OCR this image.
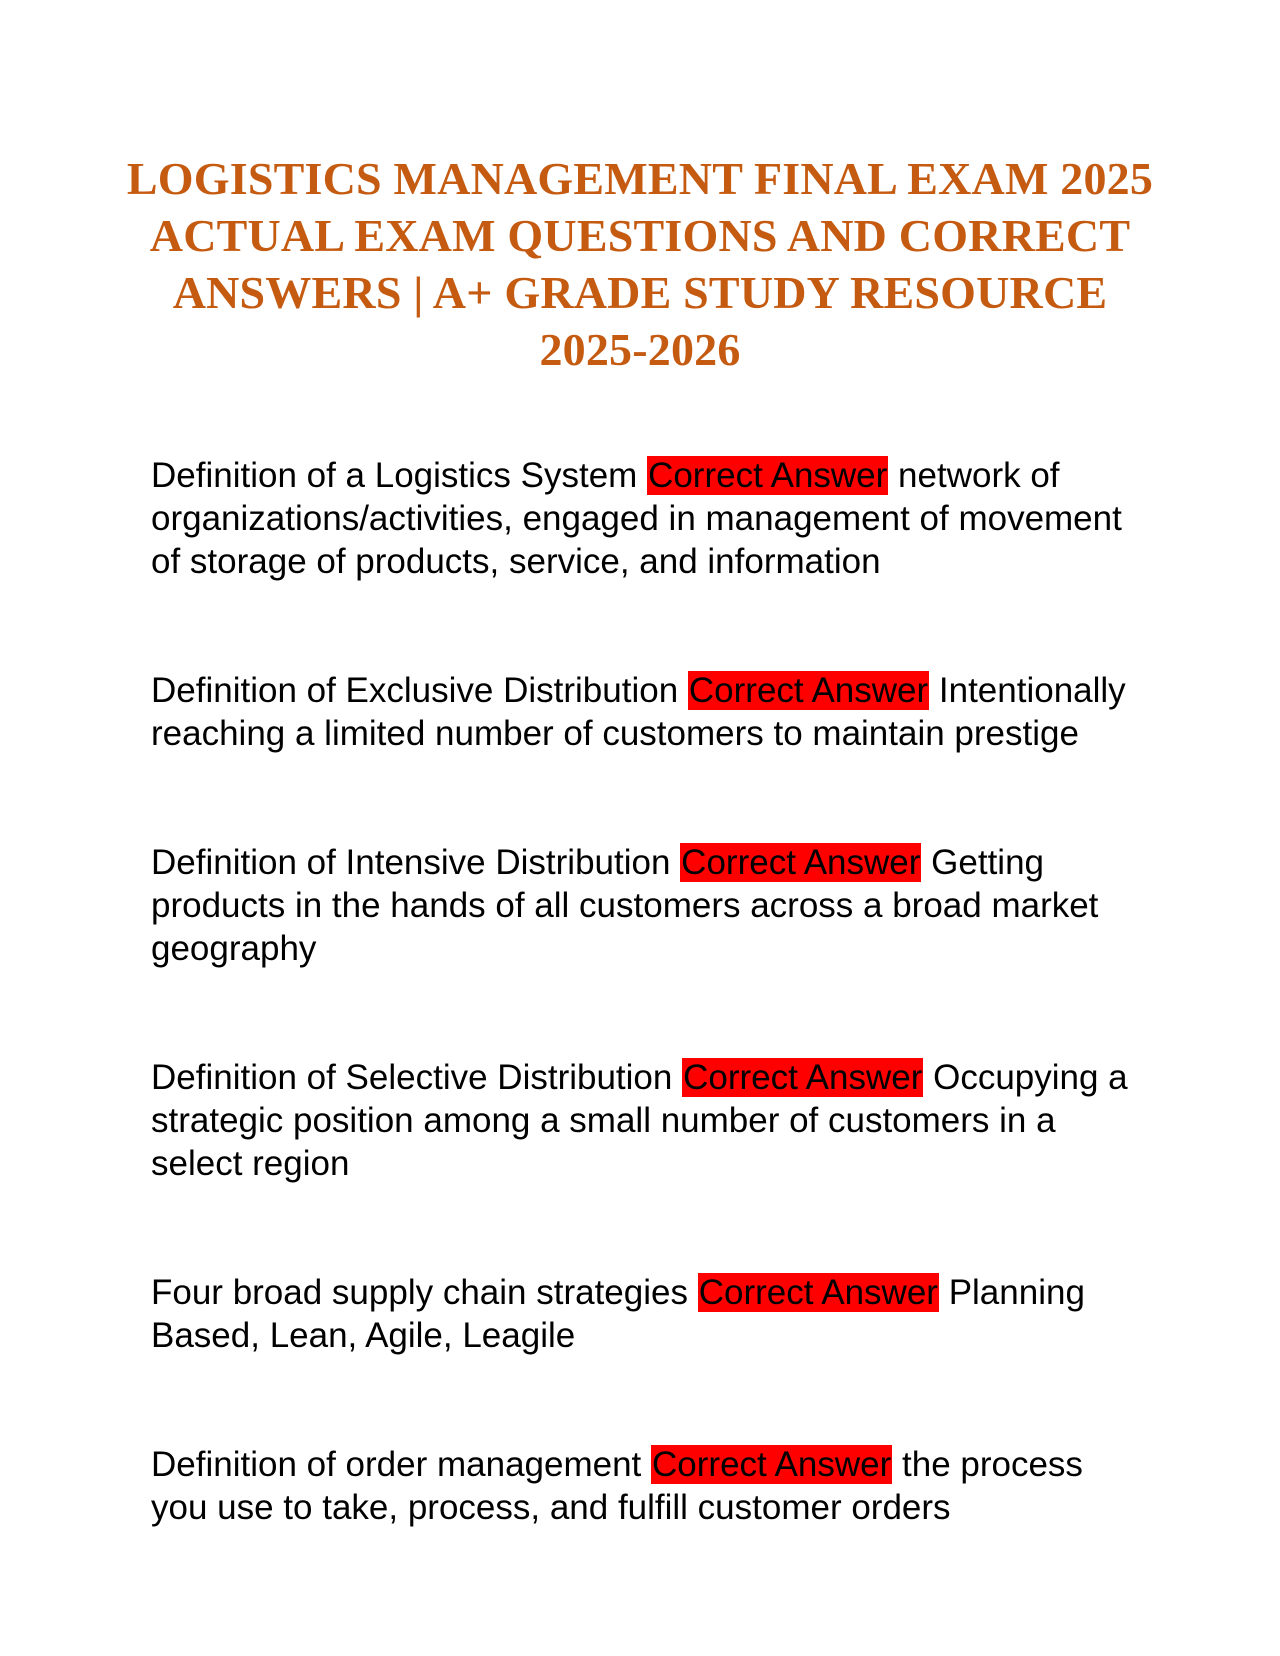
LOGISTICS MANAGEMENT FINAL EXAM 2025 ACTUAL EXAM QUESTIONS AND CORRECT ANSWERS | A+ GRADE STUDY RESOURCE 2025-2026
Definition of a Logistics System Correct Answer network of organizations/activities, engaged in management of movement of storage of products, service, and information
Definition of Exclusive Distribution Correct Answer Intentionally reaching a limited number of customers to maintain prestige
Definition of Intensive Distribution Correct Answer Getting products in the hands of all customers across a broad market geography
Definition of Selective Distribution Correct Answer Occupying a strategic position among a small number of customers in a select region
Four broad supply chain strategies Correct Answer Planning Based, Lean, Agile, Leagile
Definition of order management Correct Answer the process you use to take, process, and fulfill customer orders
